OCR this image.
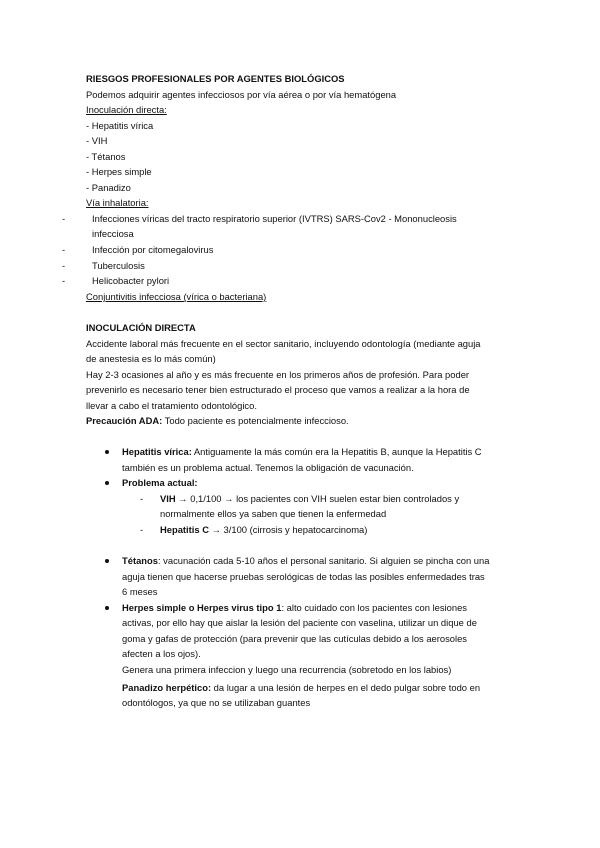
RIESGOS PROFESIONALES POR AGENTES BIOLÓGICOS
Podemos adquirir agentes infecciosos por vía aérea o por vía hematógena
Inoculación directa:
- Hepatitis vírica
- VIH
- Tétanos
- Herpes simple
- Panadizo
Vía inhalatoria:
-	Infecciones víricas del tracto respiratorio superior (IVTRS) SARS-Cov2 - Mononucleosis
infecciosa
-	Infección por citomegalovirus
-	Tuberculosis
-	Helicobacter pylori
Conjuntivitis infecciosa (vírica o bacteriana)
INOCULACIÓN DIRECTA
Accidente laboral más frecuente en el sector sanitario, incluyendo odontología (mediante aguja
de anestesia es lo más común)
Hay 2-3 ocasiones al año y es más frecuente en los primeros años de profesión. Para poder
prevenirlo es necesario tener bien estructurado el proceso que vamos a realizar a la hora de
llevar a cabo el tratamiento odontológico.
Precaución ADA: Todo paciente es potencialmente infeccioso.
Hepatitis vírica: Antiguamente la más común era la Hepatitis B, aunque la Hepatitis C
también es un problema actual. Tenemos la obligación de vacunación.
Problema actual:
- VIH → 0,1/100 → los pacientes con VIH suelen estar bien controlados y
normalmente ellos ya saben que tienen la enfermedad
- Hepatitis C → 3/100 (cirrosis y hepatocarcinoma)
Tétanos: vacunación cada 5-10 años el personal sanitario. Si alguien se pincha con una
aguja tienen que hacerse pruebas serológicas de todas las posibles enfermedades tras
6 meses
Herpes simple o Herpes virus tipo 1: alto cuidado con los pacientes con lesiones
activas, por ello hay que aislar la lesión del paciente con vaselina, utilizar un dique de
goma y gafas de protección (para prevenir que las cutículas debido a los aerosoles
afecten a los ojos).
Genera una primera infeccion y luego una recurrencia (sobretodo en los labios)
Panadizo herpético: da lugar a una lesión de herpes en el dedo pulgar sobre todo en
odontólogos, ya que no se utilizaban guantes
